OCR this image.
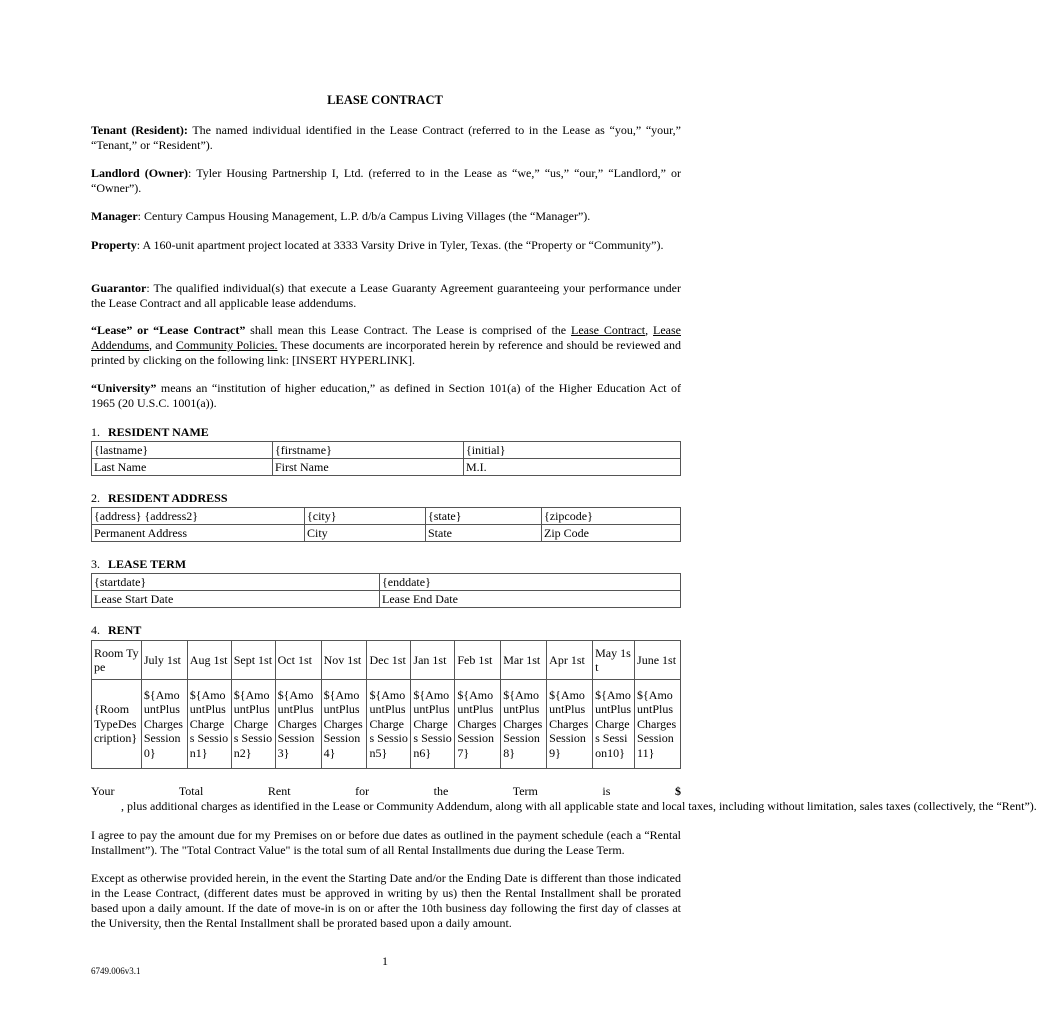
LEASE CONTRACT
Tenant (Resident): The named individual identified in the Lease Contract (referred to in the Lease as “you,” “your,” “Tenant,” or “Resident”).
Landlord (Owner): Tyler Housing Partnership I, Ltd. (referred to in the Lease as “we,” “us,” “our,” “Landlord,” or “Owner”).
Manager: Century Campus Housing Management, L.P. d/b/a Campus Living Villages (the “Manager”).
Property: A 160-unit apartment project located at 3333 Varsity Drive in Tyler, Texas. (the “Property or “Community”).
Guarantor: The qualified individual(s) that execute a Lease Guaranty Agreement guaranteeing your performance under the Lease Contract and all applicable lease addendums.
“Lease” or “Lease Contract” shall mean this Lease Contract. The Lease is comprised of the Lease Contract, Lease Addendums, and Community Policies. These documents are incorporated herein by reference and should be reviewed and printed by clicking on the following link: [INSERT HYPERLINK].
“University” means an “institution of higher education,” as defined in Section 101(a) of the Higher Education Act of 1965 (20 U.S.C. 1001(a)).
1. RESIDENT NAME
{lastname}	{firstname}	{initial}
Last Name	First Name	M.I.
2. RESIDENT ADDRESS
{address} {address2}	{city}	{state}	{zipcode}
Permanent Address	City	State	Zip Code
3. LEASE TERM
{startdate}	{enddate}
Lease Start Date	Lease End Date
4. RENT
Room Type	July 1st	Aug 1st	Sept 1st	Oct 1st	Nov 1st	Dec 1st	Jan 1st	Feb 1st	Mar 1st	Apr 1st	May 1st	June 1st
{Room TypeDescription}	${AmountPlusCharges Session0}	${AmountPlusCharges Session1}	${AmountPlusCharges Session2}	${AmountPlusCharges Session3}	${AmountPlusCharges Session4}	${AmountPlusCharges Session5}	${AmountPlusCharges Session6}	${AmountPlusCharges Session7}	${AmountPlusCharges Session8}	${AmountPlusCharges Session9}	${AmountPlusCharges Session10}	${AmountPlusCharges Session11}
Your Total Rent for the Term is $          , plus additional charges as identified in the Lease or Community Addendum, along with all applicable state and local taxes, including without limitation, sales taxes (collectively, the “Rent”).
I agree to pay the amount due for my Premises on or before due dates as outlined in the payment schedule (each a “Rental Installment”). The "Total Contract Value" is the total sum of all Rental Installments due during the Lease Term.
Except as otherwise provided herein, in the event the Starting Date and/or the Ending Date is different than those indicated in the Lease Contract, (different dates must be approved in writing by us) then the Rental Installment shall be prorated based upon a daily amount. If the date of move-in is on or after the 10th business day following the first day of classes at the University, then the Rental Installment shall be prorated based upon a daily amount.
1
6749.006v3.1
